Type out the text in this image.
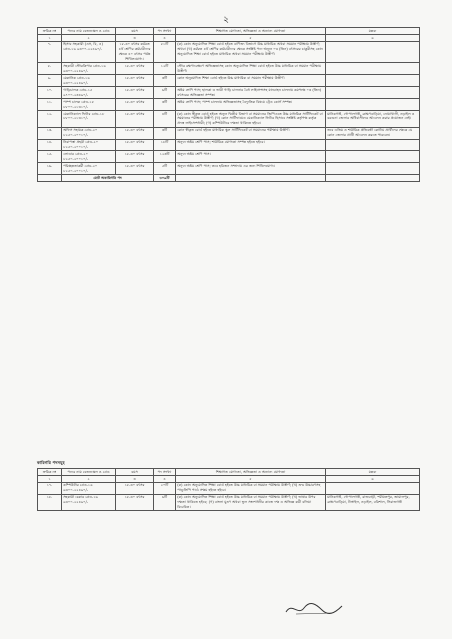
২
ক্রমিক নং	পদের নাম বেতনস্কেল ও গ্রেড	বয়স	পদ সংখ্যা	শিক্ষাগত যোগ্যতা, অভিজ্ঞতা ও অন্যান্য যোগ্যতা	মন্তব্য
১	২	৩	৪	৫	৬
৭.	হিসাব সহকারী (এস, বি, এ) গ্রেড-১৬ ৯৩০০-২২৪৯০/-	১৮-৩০ বৎসর কর্মরত ৪র্থ শ্রেণির কর্মচারীদের ক্ষেত্রে ৪০ বৎসর পর্যন্ত শিথিলযোগ্য।	৫১টি	(ক) কোন অনুমোদিত শিক্ষা বোর্ড হইতে বাণিজ্য বিভাগে উচ্চ মাধ্যমিক অথবা সমমান পরীক্ষায় উত্তীর্ণ; অথবা (খ) কর্মরত ৪র্থ শ্রেণির কর্মচারীদের ক্ষেত্রে সংশ্লিষ্ট পদে অন্যূন ০৩ (তিন) বৎসরের চাকুরীসহ কোন অনুমোদিত শিক্ষা বোর্ড হইতে মাধ্যমিক অথবা সমমান পরীক্ষায় উত্তীর্ণ।	
৮.	সহকারী স্টোরকিপার গ্রেড-১৬ ৯৩০০-২২৪৯০/-	১৮-৩০ বৎসর	১২টি	স্টোর রক্ষণাবেক্ষণে অভিজ্ঞতাসহ কোন অনুমোদিত শিক্ষা বোর্ড হইতে উচ্চ মাধ্যমিক বা সমমান পরীক্ষায় উত্তীর্ণ।	
৯.	মেকানিক গ্রেড-১৬ ৯৩০০-২২৪৯০/-	১৮-৩০ বৎসর	৩টি	কোন অনুমোদিত শিক্ষা বোর্ড হইতে উচ্চ মাধ্যমিক বা সমমান পরীক্ষায় উত্তীর্ণ।	
১০.	গাড়িচালক গ্রেড-১৫ ৯৭০০-২৩৪৯০/-	১৮-৩০ বৎসর	৬টি	অষ্টম শ্রেণি পাস; হালকা ও ভারী গাড়ি চালনার বৈধ লাইসেন্সসহ যানবাহন চালনায় কমপক্ষে ০৩ (তিন) বৎসরের অভিজ্ঞতা সম্পন্ন।	
১১.	পাম্প চালক গ্রেড-১৮ ৮৮০০-২১৩১০/-	১৮-৩০ বৎসর	৩টি	অষ্টম শ্রেণি পাস; পাম্প চালনায় অভিজ্ঞতাসহ বৈদ্যুতিক বিষয়ে ট্রেড কোর্স সম্পন্ন।	
১২.	মেকানিক্যাল ফিটার গ্রেড-১৮ ৮৮০০-২১৩১০/-	১৮-৩০ বৎসর	৪টি	(ক) কোন স্বীকৃত বোর্ড হইতে অন্যূন দ্বিতীয় বিভাগ বা সমমানের জিপিএতে উচ্চ মাধ্যমিক সার্টিফিকেট বা সমমানের পরীক্ষায় উত্তীর্ণ; (খ) কোন সার্টিফায়েড মেকানিক্যাল ফিটার হিসাবে সংশ্লিষ্ট কর্তৃপক্ষ কর্তৃক প্রদত্ত লাইসেন্সধারী; (গ) কম্পিউটারে দক্ষতা থাকিতে হইবে।	মানিকগঞ্জ, গোপালগঞ্জ, ব্রাহ্মণবাড়িয়া, নোয়াখালী, নড়াইল ও বরগুনা জেলার অধিবাসীদের আবেদন করার প্রয়োজন নেই।
১৩.	অফিস সহায়ক গ্রেড-২০ ৮২৫০-২০০১০/-	১৮-৩০ বৎসর	৩টি	কোন স্বীকৃত বোর্ড হইতে মাধ্যমিক স্কুল সার্টিফিকেট বা সমমানের পরীক্ষায় উত্তীর্ণ।	তবে এতিম ও শারীরিক প্রতিবন্ধী কোটায় প্রার্থীদের ক্ষেত্রে যে কোন জেলার প্রার্থী আবেদন করতে পারবেন।
১৪.	নিরাপত্তা প্রহরী গ্রেড-২০ ৮২৫০-২০০১০/-	১৮-৩০ বৎসর	১৮টি	অন্যূন অষ্টম শ্রেণি পাস; শারীরিক যোগ্যতা সম্পন্ন হইতে হইবে।	
১৫.	লোডার গ্রেড-২০ ৮২৫০-২০০১০/-	১৮-৩০ বৎসর	১২৩টি	অন্যূন অষ্টম শ্রেণি পাস।	
১৬.	পরিচ্ছন্নতাকর্মী গ্রেড-২০ ৮২৫০-২০০১০/-	১৮-৩০ বৎসর	৫টি	অন্যূন অষ্টম শ্রেণি পাস; তবে হরিজন সম্প্রদায় এর জন্য শিথিলযোগ্য।	
	মোট অকারিগরি পদ		৩০৯টি		
কারিগরি পদসমূহ
ক্রমিক নং	পদের নাম বেতনস্কেল ও গ্রেড	বয়স	পদ সংখ্যা	শিক্ষাগত যোগ্যতা, অভিজ্ঞতা ও অন্যান্য যোগ্যতা	মন্তব্য
১	২	৩	৪	৫	৬
১৭.	কম্পিউটার গ্রেড-১৬ ৯৩০০-২২৪৯০/-	১৮-৩০ বৎসর	২০টি	(ক) কোন অনুমোদিত শিক্ষা বোর্ড হইতে উচ্চ মাধ্যমিক বা সমমান পরীক্ষায় উত্তীর্ণ; (খ) শুদ্ধ উচ্চারণসহ পাণ্ডুলিপি পাঠে সক্ষম হইতে হইবে।	
১৮.	সহকারী চেকার গ্রেড-১৬ ৯৩০০-২২৪৯০/-	১৮-৩০ বৎসর	৬টি	(ক) কোন অনুমোদিত শিক্ষা বোর্ড হইতে উচ্চ মাধ্যমিক বা সমমান পরীক্ষায় উত্তীর্ণ; (খ) ভাষার উপর দক্ষতা থাকিতে হইবে; (গ) বাংলা মুদ্রণ অথবা ভুল সংশোধনীর কাজে দক্ষ ও অভিজ্ঞ কর্মী বলিয়া বিবেচিত।	মানিকগঞ্জ, গোপালগঞ্জ, রাজবাড়ী, শরীয়তপুর, জামালপুর, ব্রাহ্মণবাড়িয়া, টাঙ্গাইল, নড়াইল, বরিশাল, সিরাজগঞ্জ
